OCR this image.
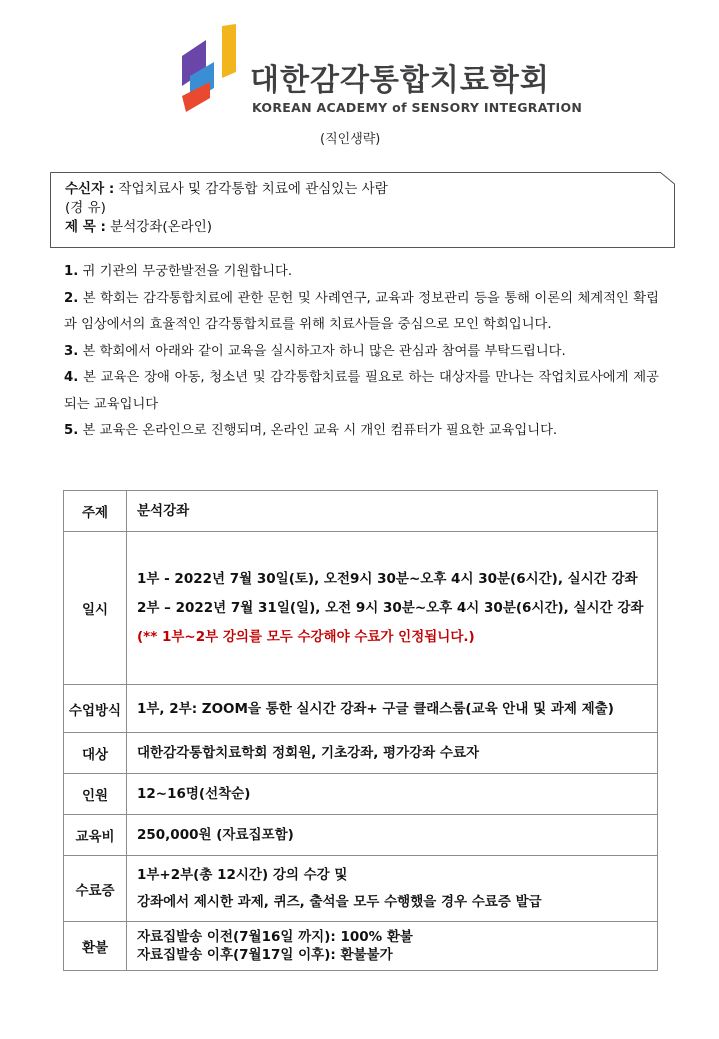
대한감각통합치료학회
KOREAN ACADEMY of SENSORY INTEGRATION
(직인생략)
수신자 : 작업치료사 및 감각통합 치료에 관심있는 사람
(경 유)
제 목 : 분석강좌(온라인)

1. 귀 기관의 무궁한발전을 기원합니다.

2. 본 학회는 감각통합치료에 관한 문헌 및 사례연구, 교육과 정보관리 등을 통해 이론의 체계적인 확립과 임상에서의 효율적인 감각통합치료를 위해 치료사들을 중심으로 모인 학회입니다.

3. 본 학회에서 아래와 같이 교육을 실시하고자 하니 많은 관심과 참여를 부탁드립니다.

4. 본 교육은 장애 아동, 청소년 및 감각통합치료를 필요로 하는 대상자를 만나는 작업치료사에게 제공되는 교육입니다

5. 본 교육은 온라인으로 진행되며, 온라인 교육 시 개인 컴퓨터가 필요한 교육입니다.

주제	분석강좌
일시	1부 - 2022년 7월 30일(토), 오전9시 30분~오후 4시 30분(6시간), 실시간 강좌
2부 – 2022년 7월 31일(일), 오전 9시 30분~오후 4시 30분(6시간), 실시간 강좌
(** 1부~2부 강의를 모두 수강해야 수료가 인정됩니다.)

수업방식	1부, 2부: ZOOM을 통한 실시간 강좌+ 구글 클래스룸(교육 안내 및 과제 제출)
대상	대한감각통합치료학회 정회원, 기초강좌, 평가강좌 수료자
인원	12~16명(선착순)
교육비	250,000원 (자료집포함)
수료증	1부+2부(총 12시간) 강의 수강 및
강좌에서 제시한 과제, 퀴즈, 출석을 모두 수행했을 경우 수료증 발급

환불	자료집발송 이전(7월16일 까지): 100% 환불
자료집발송 이후(7월17일 이후): 환불불가
